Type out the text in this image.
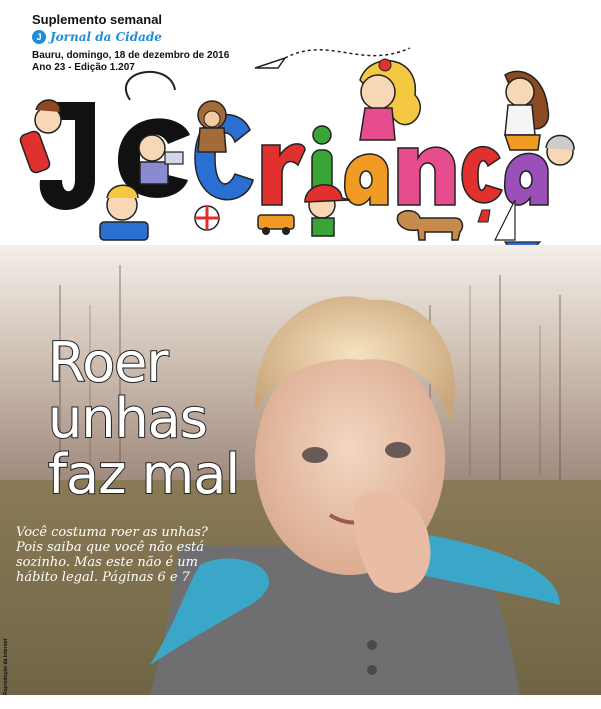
Suplemento semanal
J Jornal da Cidade
Bauru, domingo, 18 de dezembro de 2016
Ano 23 - Edição 1.207
Roer
unhas
faz mal
Você costuma roer as unhas? Pois saiba que você não está sozinho. Mas este não é um hábito legal. Páginas 6 e 7
Reprodução da Internet
